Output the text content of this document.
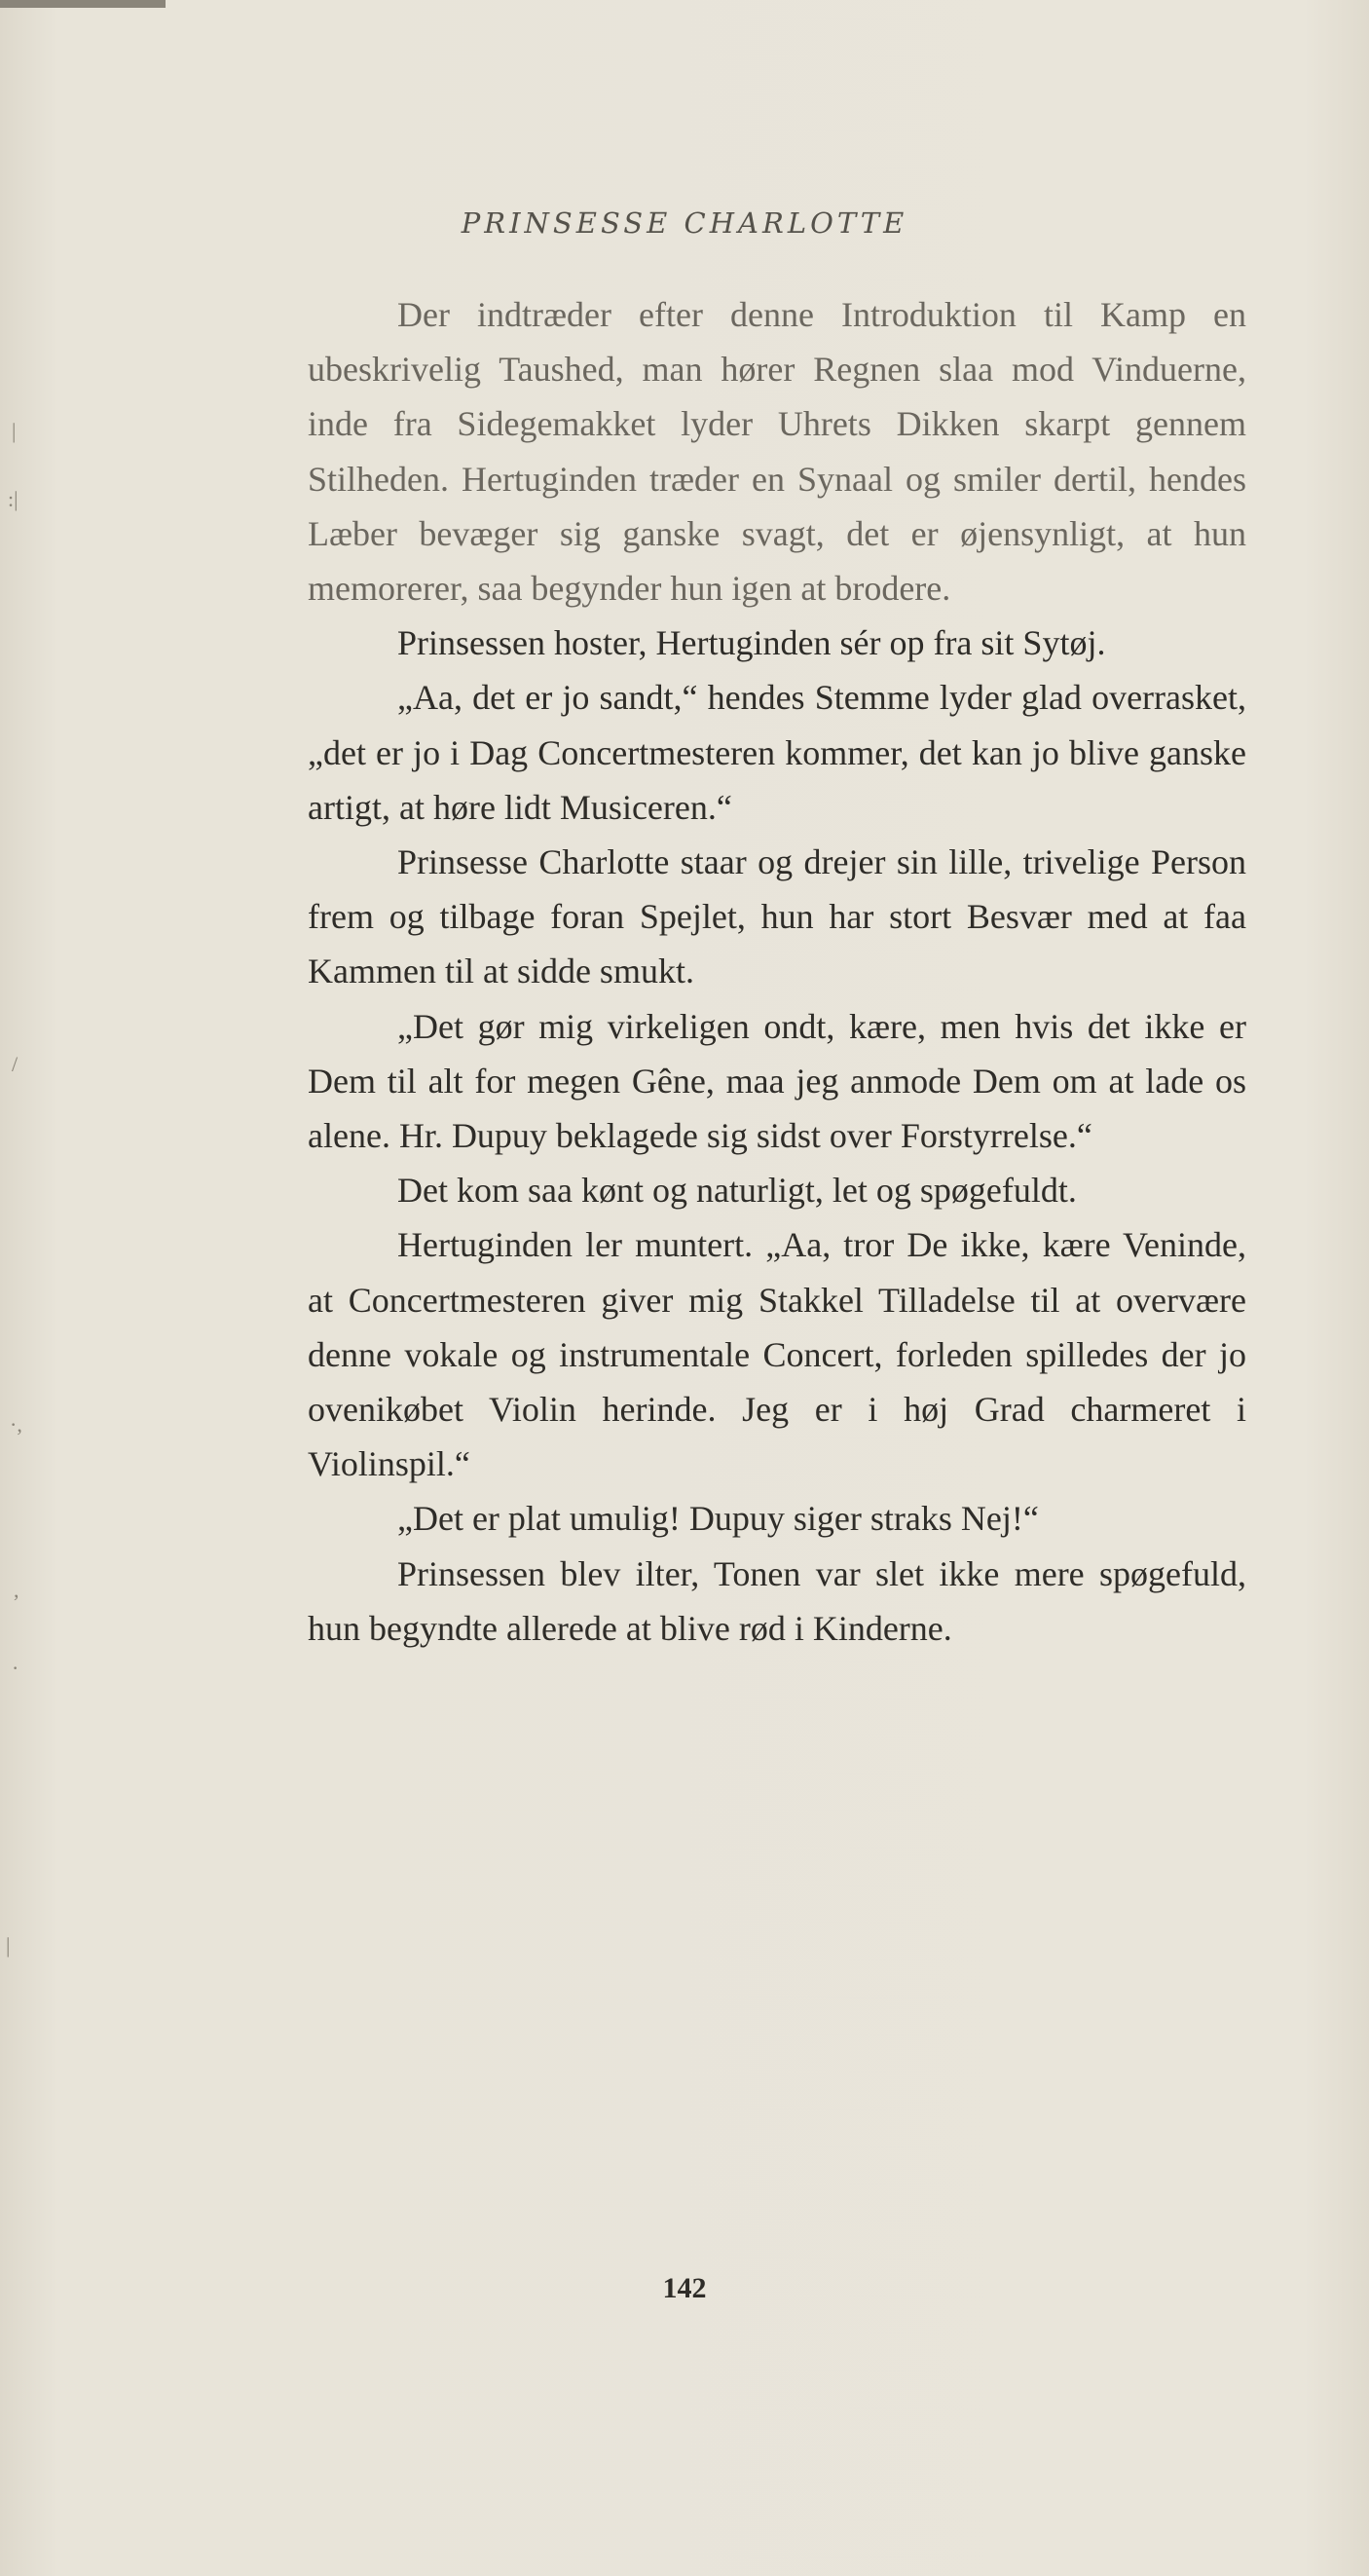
|
:|
/
·,
,
·
|
PRINSESSE CHARLOTTE

Der indtræder efter denne Introduktion til Kamp en ubeskrivelig Taushed, man hører Regnen slaa mod Vinduerne, inde fra Sidegemakket lyder Uhrets Dikken skarpt gennem Stilheden. Hertuginden træder en Synaal og smiler dertil, hendes Læber bevæger sig ganske svagt, det er øjensynligt, at hun memorerer, saa begynder hun igen at brodere.

Prinsessen hoster, Hertuginden sér op fra sit Sytøj.

„Aa, det er jo sandt,“ hendes Stemme lyder glad overrasket, „det er jo i Dag Concertmesteren kommer, det kan jo blive ganske artigt, at høre lidt Musiceren.“

Prinsesse Charlotte staar og drejer sin lille, trivelige Person frem og tilbage foran Spejlet, hun har stort Besvær med at faa Kammen til at sidde smukt.

„Det gør mig virkeligen ondt, kære, men hvis det ikke er Dem til alt for megen Gêne, maa jeg anmode Dem om at lade os alene. Hr. Dupuy beklagede sig sidst over Forstyrrelse.“

Det kom saa kønt og naturligt, let og spøgefuldt.

Hertuginden ler muntert. „Aa, tror De ikke, kære Veninde, at Concertmesteren giver mig Stakkel Tilladelse til at overvære denne vokale og instrumentale Concert, forleden spilledes der jo ovenikøbet Violin herinde. Jeg er i høj Grad charmeret i Violinspil.“

„Det er plat umulig! Dupuy siger straks Nej!“

Prinsessen blev ilter, Tonen var slet ikke mere spøgefuld, hun begyndte allerede at blive rød i Kinderne.

142
